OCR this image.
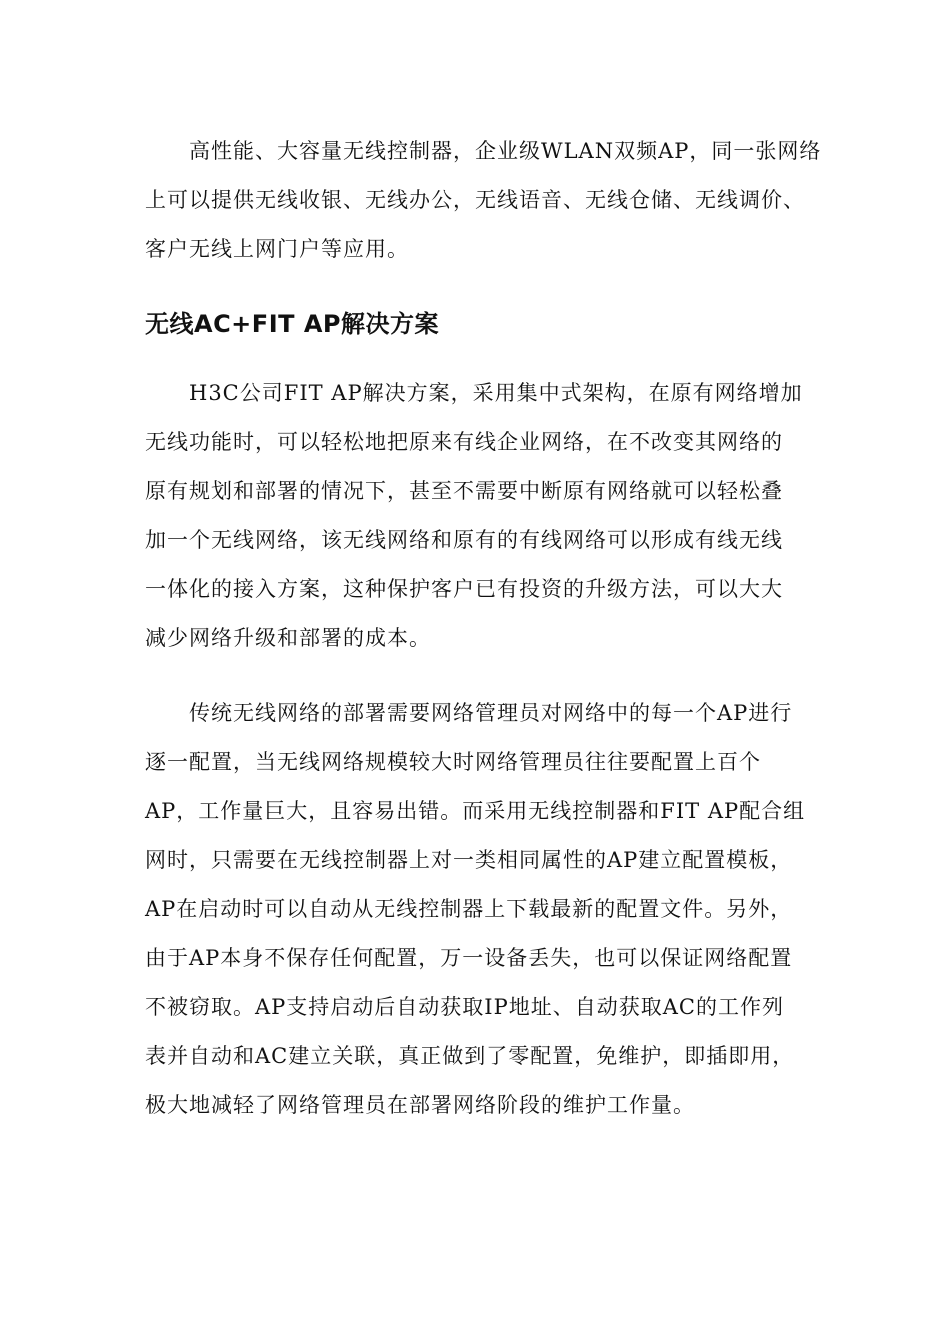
高性能、大容量无线控制器，企业级WLAN双频AP，同一张网络
上可以提供无线收银、无线办公，无线语音、无线仓储、无线调价、
客户无线上网门户等应用。

无线AC+FIT AP解决方案

H3C公司FIT AP解决方案，采用集中式架构，在原有网络增加
无线功能时，可以轻松地把原来有线企业网络，在不改变其网络的
原有规划和部署的情况下，甚至不需要中断原有网络就可以轻松叠
加一个无线网络，该无线网络和原有的有线网络可以形成有线无线
一体化的接入方案，这种保护客户已有投资的升级方法，可以大大
减少网络升级和部署的成本。

传统无线网络的部署需要网络管理员对网络中的每一个AP进行
逐一配置，当无线网络规模较大时网络管理员往往要配置上百个
AP，工作量巨大，且容易出错。而采用无线控制器和FIT AP配合组
网时，只需要在无线控制器上对一类相同属性的AP建立配置模板，
AP在启动时可以自动从无线控制器上下载最新的配置文件。另外，
由于AP本身不保存任何配置，万一设备丢失，也可以保证网络配置
不被窃取。AP支持启动后自动获取IP地址、自动获取AC的工作列
表并自动和AC建立关联，真正做到了零配置，免维护，即插即用，
极大地减轻了网络管理员在部署网络阶段的维护工作量。
